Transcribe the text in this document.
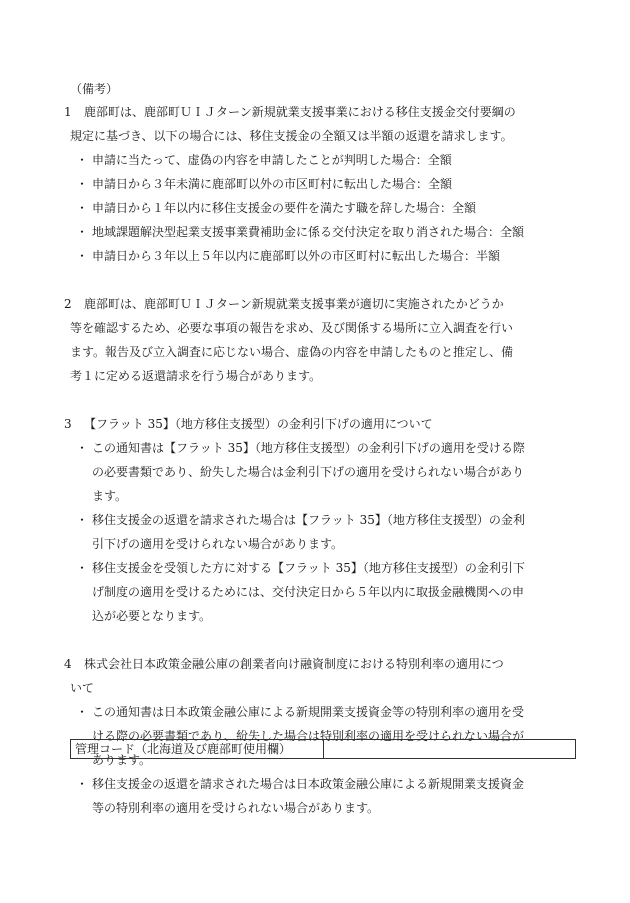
（備考）
1 鹿部町は、鹿部町ＵＩＪターン新規就業支援事業における移住支援金交付要綱の
規定に基づき、以下の場合には、移住支援金の全額又は半額の返還を請求します。
・ 申請に当たって、虚偽の内容を申請したことが判明した場合：全額
・ 申請日から３年未満に鹿部町以外の市区町村に転出した場合：全額
・ 申請日から１年以内に移住支援金の要件を満たす職を辞した場合：全額
・ 地域課題解決型起業支援事業費補助金に係る交付決定を取り消された場合：全額
・ 申請日から３年以上５年以内に鹿部町以外の市区町村に転出した場合：半額
2 鹿部町は、鹿部町ＵＩＪターン新規就業支援事業が適切に実施されたかどうか
等を確認するため、必要な事項の報告を求め、及び関係する場所に立入調査を行い
ます。報告及び立入調査に応じない場合、虚偽の内容を申請したものと推定し、備
考１に定める返還請求を行う場合があります。
3 【フラット 35】（地方移住支援型）の金利引下げの適用について
・ この通知書は【フラット 35】（地方移住支援型）の金利引下げの適用を受ける際
の必要書類であり、紛失した場合は金利引下げの適用を受けられない場合があり
ます。
・ 移住支援金の返還を請求された場合は【フラット 35】（地方移住支援型）の金利
引下げの適用を受けられない場合があります。
・ 移住支援金を受領した方に対する【フラット 35】（地方移住支援型）の金利引下
げ制度の適用を受けるためには、交付決定日から５年以内に取扱金融機関への申
込が必要となります。
4 株式会社日本政策金融公庫の創業者向け融資制度における特別利率の適用につ
いて
・ この通知書は日本政策金融公庫による新規開業支援資金等の特別利率の適用を受
ける際の必要書類であり、紛失した場合は特別利率の適用を受けられない場合が
あります。
・ 移住支援金の返還を請求された場合は日本政策金融公庫による新規開業支援資金
等の特別利率の適用を受けられない場合があります。
管理コード（北海道及び鹿部町使用欄）	
